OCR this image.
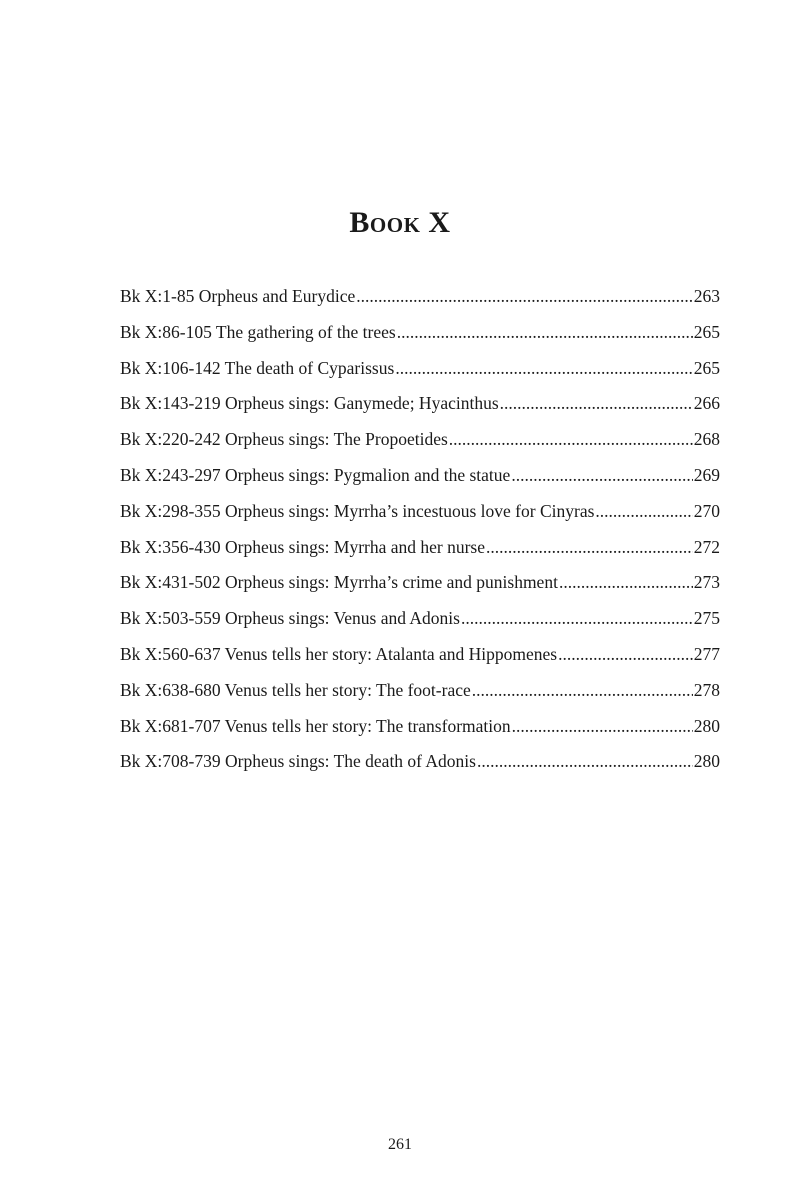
Book X
Bk X:1-85 Orpheus and Eurydice .....	263
Bk X:86-105 The gathering of the trees .....	265
Bk X:106-142 The death of Cyparissus .....	265
Bk X:143-219 Orpheus sings: Ganymede; Hyacinthus .....	266
Bk X:220-242 Orpheus sings: The Propoetides .....	268
Bk X:243-297 Orpheus sings: Pygmalion and the statue .....	269
Bk X:298-355 Orpheus sings: Myrrha’s incestuous love for Cinyras .....	270
Bk X:356-430 Orpheus sings: Myrrha and her nurse .....	272
Bk X:431-502 Orpheus sings: Myrrha’s crime and punishment .....	273
Bk X:503-559 Orpheus sings: Venus and Adonis .....	275
Bk X:560-637 Venus tells her story: Atalanta and Hippomenes .....	277
Bk X:638-680 Venus tells her story: The foot-race .....	278
Bk X:681-707 Venus tells her story: The transformation .....	280
Bk X:708-739 Orpheus sings: The death of Adonis .....	280
261
